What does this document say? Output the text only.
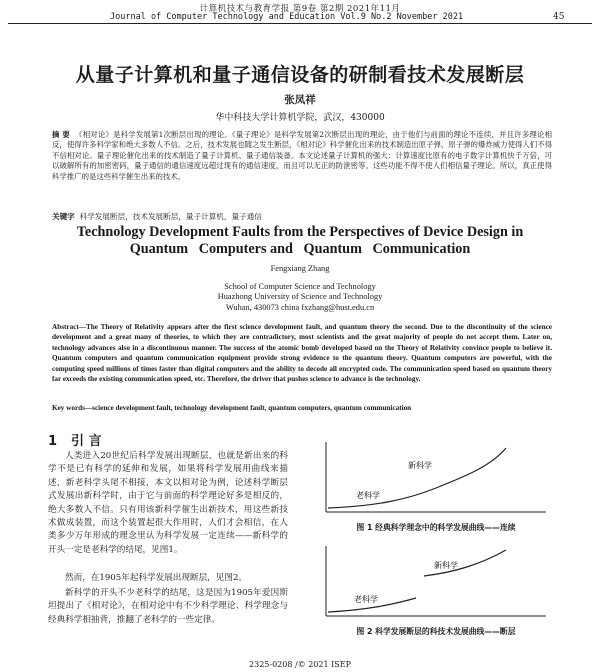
计算机技术与教育学报 第9卷 第2期 2021年11月
Journal of Computer Technology and Education Vol.9 No.2 November 2021	45
从量子计算机和量子通信设备的研制看技术发展断层
张凤祥
华中科技大学计算机学院，武汉，430000
摘 要 《相对论》是科学发展第1次断层出现的理论。《量子理论》是科学发展第2次断层出现的理论，由于他们与前面的理论不连续，并且许多理论相反，使得许多科学家和绝大多数人不信。之后，技术发展也随之发生断层，《相对论》科学催化出来的技术制造出原子弹，原子弹的爆炸威力使得人们不得不信相对论。量子理论催化出来的技术制造了量子计算机、量子通信装备。本文论述量子计算机的强大：计算速度比原有的电子数字计算机快千万倍，可以破解所有的加密密码，量子通信的通信速度远超过现有的通信速度，而且可以无正的防泄密等。这些功能不得不使人们相信量子理论。所以，真正使得科学推广的是这些科学催生出来的技术。
关键字 科学发展断层，技术发展断层，量子计算机，量子通信
Technology Development Faults from the Perspectives of Device Design in
Quantum   Computers and   Quantum   Communication
Fengxiang Zhang
School of Computer Science and Technology
Huazhong University of Science and Technology
Wuhan, 430073 china fxzhang@hust.edu.cn
Abstract—The Theory of Relativity appears after the first science development fault, and quantum theory the second. Due to the discontinuity of the science development and a great many of theories, to which they are contradictory, most scientists and the great majority of people do not accept them. Later on, technology advances also in a discontinuous manner. The success of the atomic bomb developed based on the Theory of Relativity convince people to believe it. Quantum computers and quantum communication equipment provide strong evidence to the quantum theory. Quantum computers are powerful, with the computing speed millions of times faster than digital computers and the ability to decode all encrypted code. The communication speed based on quantum theory far exceeds the existing communication speed, etc. Therefore, the driver that pushes science to advance is the technology.
Key words—science development fault, technology development fault, quantum computers, quantum communication
1 引 言
人类进入20世纪后科学发展出现断层，也就是新出来的科学不是已有科学的延伸和发展，如果将科学发展用曲线来描述，新老科学头尾不相接，本文以相对论为例，论述科学断层式发展出新科学时，由于它与前面的科学理论好多是相反的，绝大多数人不信。只有用该新科学催生出新技术，用这些新技术做成装置，而这个装置起很大作用时，人们才会相信，在人类多少万年形成的理念里认为科学发展一定连续——新科学的开头一定是老科学的结尾，见图1。
然而，在1905年起科学发展出现断层，见图2。
新科学的开头不少老科学的结尾，这是因为1905年爱因斯坦提出了《相对论》，在相对论中有不少科学理论、科学理念与经典科学相抽背，推翻了老科学的一些定律。
老科学
新科学
图 1 经典科学理念中的科学发展曲线——连续
老科学
新科学
图 2 科学发展断层的科技术发展曲线——断层
2325-0208 /© 2021 ISEP
